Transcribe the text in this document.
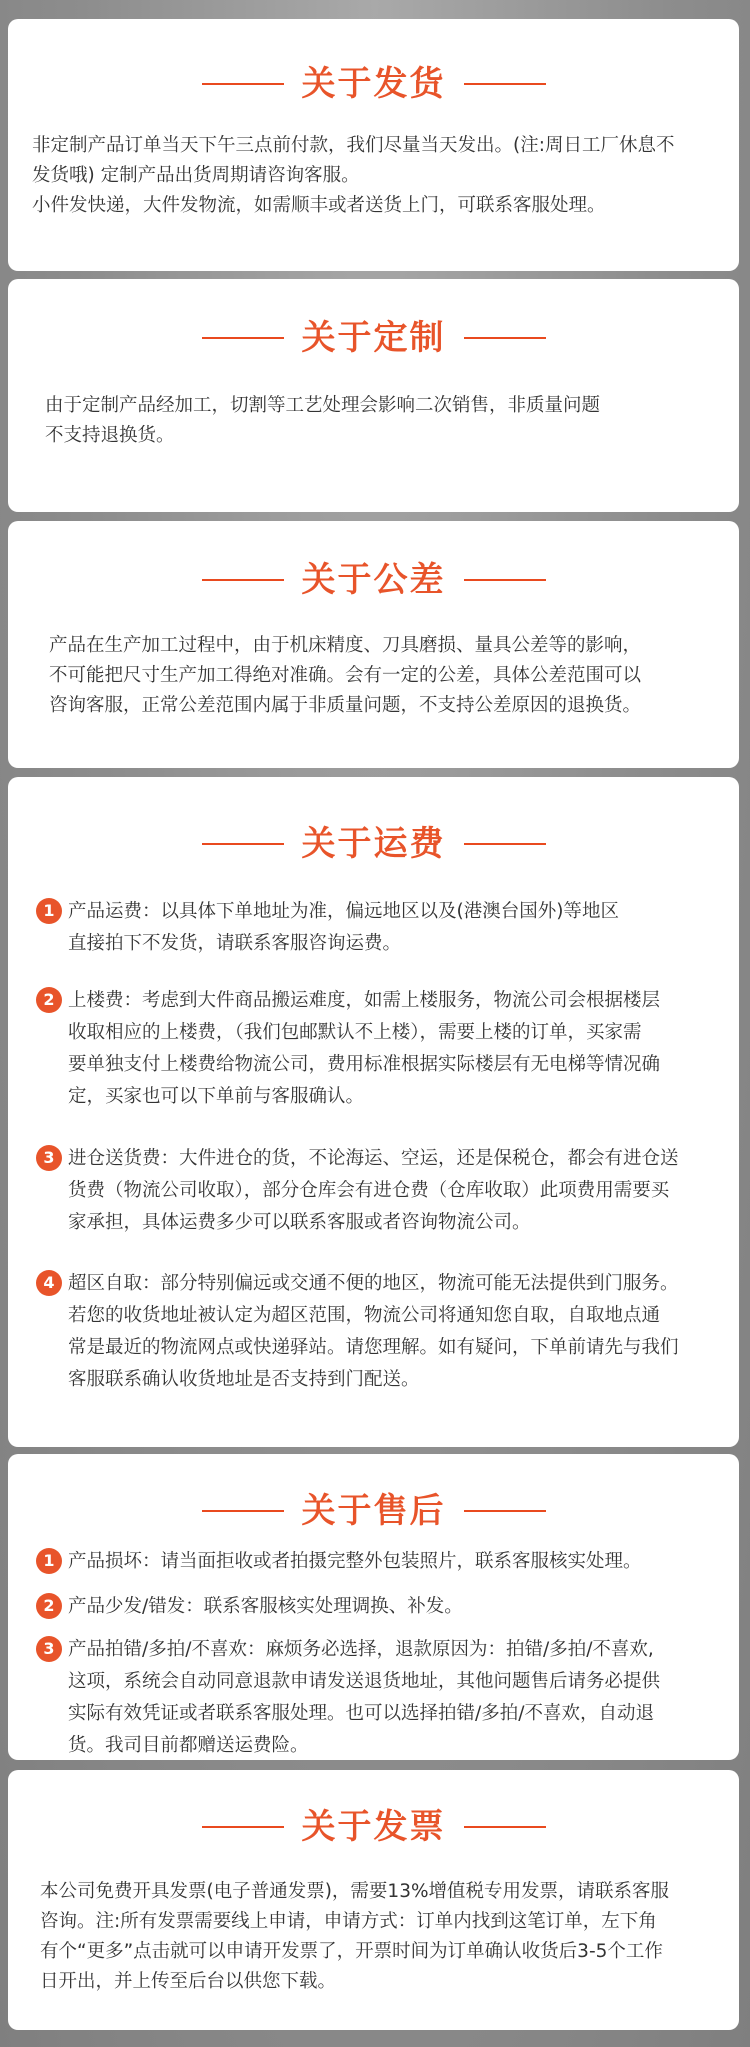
关于发货
非定制产品订单当天下午三点前付款，我们尽量当天发出。(注:周日工厂休息不
发货哦) 定制产品出货周期请咨询客服。
小件发快递，大件发物流，如需顺丰或者送货上门，可联系客服处理。
关于定制
由于定制产品经加工，切割等工艺处理会影响二次销售，非质量问题
不支持退换货。
关于公差
产品在生产加工过程中，由于机床精度、刀具磨损、量具公差等的影响，
不可能把尺寸生产加工得绝对准确。会有一定的公差，具体公差范围可以
咨询客服，正常公差范围内属于非质量问题，不支持公差原因的退换货。
关于运费
1 产品运费：以具体下单地址为准，偏远地区以及(港澳台国外)等地区
直接拍下不发货，请联系客服咨询运费。
2 上楼费：考虑到大件商品搬运难度，如需上楼服务，物流公司会根据楼层
收取相应的上楼费，（我们包邮默认不上楼），需要上楼的订单，买家需
要单独支付上楼费给物流公司，费用标准根据实际楼层有无电梯等情况确
定，买家也可以下单前与客服确认。
3 进仓送货费：大件进仓的货，不论海运、空运，还是保税仓，都会有进仓送
货费（物流公司收取），部分仓库会有进仓费（仓库收取）此项费用需要买
家承担，具体运费多少可以联系客服或者咨询物流公司。
4 超区自取：部分特别偏远或交通不便的地区，物流可能无法提供到门服务。
若您的收货地址被认定为超区范围，物流公司将通知您自取，自取地点通
常是最近的物流网点或快递驿站。请您理解。如有疑问，下单前请先与我们
客服联系确认收货地址是否支持到门配送。
关于售后
1 产品损坏：请当面拒收或者拍摄完整外包装照片，联系客服核实处理。
2 产品少发/错发：联系客服核实处理调换、补发。
3 产品拍错/多拍/不喜欢：麻烦务必选择，退款原因为：拍错/多拍/不喜欢,
这项，系统会自动同意退款申请发送退货地址，其他问题售后请务必提供
实际有效凭证或者联系客服处理。也可以选择拍错/多拍/不喜欢，自动退
货。我司目前都赠送运费险。
关于发票
本公司免费开具发票(电子普通发票)，需要13%增值税专用发票，请联系客服
咨询。注:所有发票需要线上申请，申请方式：订单内找到这笔订单，左下角
有个“更多”点击就可以申请开发票了，开票时间为订单确认收货后3-5个工作
日开出，并上传至后台以供您下载。
